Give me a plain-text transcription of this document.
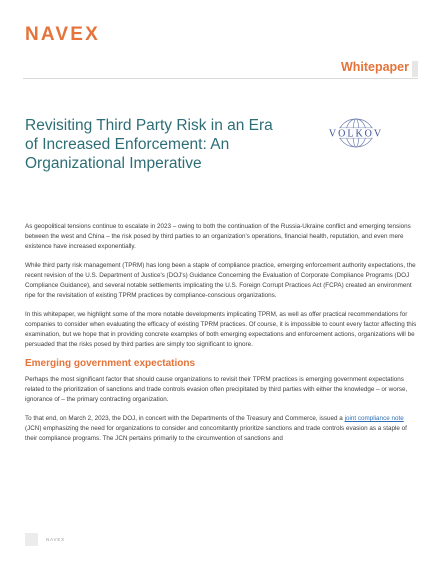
NAVEX
Whitepaper
Revisiting Third Party Risk in an Era of Increased Enforcement: An Organizational Imperative
VOLKOV

As geopolitical tensions continue to escalate in 2023 – owing to both the continuation of the Russia-Ukraine conflict and emerging tensions between the west and China – the risk posed by third parties to an organization's operations, financial health, reputation, and even mere existence have increased exponentially.

While third party risk management (TPRM) has long been a staple of compliance practice, emerging enforcement authority expectations, the recent revision of the U.S. Department of Justice's (DOJ's) Guidance Concerning the Evaluation of Corporate Compliance Programs (DOJ Compliance Guidance), and several notable settlements implicating the U.S. Foreign Corrupt Practices Act (FCPA) created an environment ripe for the revisitation of existing TPRM practices by compliance-conscious organizations.

In this whitepaper, we highlight some of the more notable developments implicating TPRM, as well as offer practical recommendations for companies to consider when evaluating the efficacy of existing TPRM practices. Of course, it is impossible to count every factor affecting this examination, but we hope that in providing concrete examples of both emerging expectations and enforcement actions, organizations will be persuaded that the risks posed by third parties are simply too significant to ignore.

Emerging government expectations

Perhaps the most significant factor that should cause organizations to revisit their TPRM practices is emerging government expectations related to the prioritization of sanctions and trade controls evasion often precipitated by third parties with either the knowledge – or worse, ignorance of – the primary contracting organization.

To that end, on March 2, 2023, the DOJ, in concert with the Departments of the Treasury and Commerce, issued a joint compliance note (JCN) emphasizing the need for organizations to consider and concomitantly prioritize sanctions and trade controls evasion as a staple of their compliance programs. The JCN pertains primarily to the circumvention of sanctions and

NAVEX
